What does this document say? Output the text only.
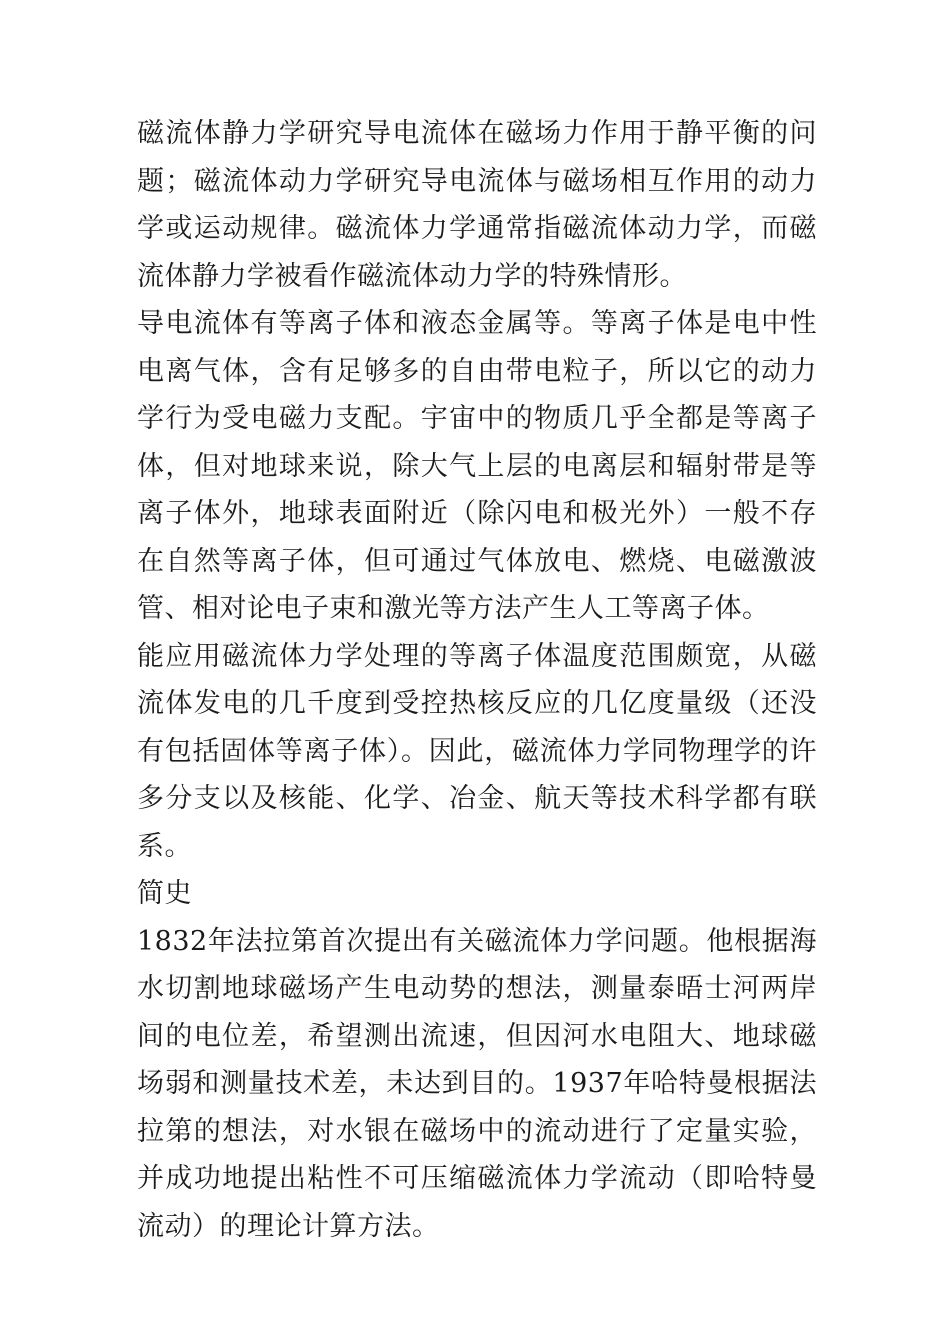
磁流体静力学研究导电流体在磁场力作用于静平衡的问题；磁流体动力学研究导电流体与磁场相互作用的动力学或运动规律。磁流体力学通常指磁流体动力学，而磁流体静力学被看作磁流体动力学的特殊情形。

导电流体有等离子体和液态金属等。等离子体是电中性电离气体，含有足够多的自由带电粒子，所以它的动力学行为受电磁力支配。宇宙中的物质几乎全都是等离子体，但对地球来说，除大气上层的电离层和辐射带是等离子体外，地球表面附近（除闪电和极光外）一般不存在自然等离子体，但可通过气体放电、燃烧、电磁激波管、相对论电子束和激光等方法产生人工等离子体。

能应用磁流体力学处理的等离子体温度范围颇宽，从磁流体发电的几千度到受控热核反应的几亿度量级（还没有包括固体等离子体）。因此，磁流体力学同物理学的许多分支以及核能、化学、冶金、航天等技术科学都有联系。

简史

1832年法拉第首次提出有关磁流体力学问题。他根据海水切割地球磁场产生电动势的想法，测量泰晤士河两岸间的电位差，希望测出流速，但因河水电阻大、地球磁场弱和测量技术差，未达到目的。1937年哈特曼根据法拉第的想法，对水银在磁场中的流动进行了定量实验，并成功地提出粘性不可压缩磁流体力学流动（即哈特曼流动）的理论计算方法。
